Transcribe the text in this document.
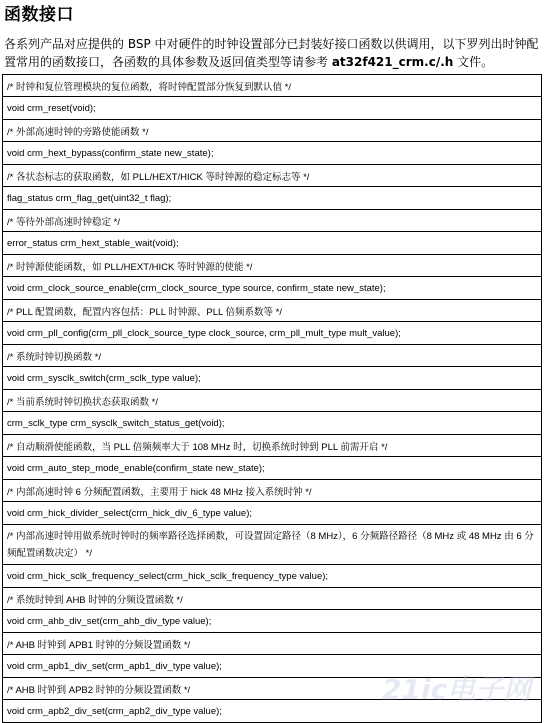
函数接口
各系列产品对应提供的 BSP 中对硬件的时钟设置部分已封装好接口函数以供调用，以下罗列出时钟配置常用的函数接口，各函数的具体参数及返回值类型等请参考 at32f421_crm.c/.h 文件。
/* 时钟和复位管理模块的复位函数，将时钟配置部分恢复到默认值 */
void crm_reset(void);
/* 外部高速时钟的旁路使能函数 */
void crm_hext_bypass(confirm_state new_state);
/* 各状态标志的获取函数，如 PLL/HEXT/HICK 等时钟源的稳定标志等 */
flag_status crm_flag_get(uint32_t flag);
/* 等待外部高速时钟稳定 */
error_status crm_hext_stable_wait(void);
/* 时钟源使能函数，如 PLL/HEXT/HICK 等时钟源的使能 */
void crm_clock_source_enable(crm_clock_source_type source, confirm_state new_state);
/* PLL 配置函数，配置内容包括：PLL 时钟源、PLL 倍频系数等 */
void crm_pll_config(crm_pll_clock_source_type clock_source, crm_pll_mult_type mult_value);
/* 系统时钟切换函数 */
void crm_sysclk_switch(crm_sclk_type value);
/* 当前系统时钟切换状态获取函数 */
crm_sclk_type crm_sysclk_switch_status_get(void);
/* 自动顺滑使能函数，当 PLL 倍频频率大于 108 MHz 时，切换系统时钟到 PLL 前需开启 */
void crm_auto_step_mode_enable(confirm_state new_state);
/* 内部高速时钟 6 分频配置函数，主要用于 hick 48 MHz 接入系统时钟 */
void crm_hick_divider_select(crm_hick_div_6_type value);
/* 内部高速时钟用做系统时钟时的频率路径选择函数，可设置固定路径（8 MHz），6 分频路径路径（8 MHz 或 48 MHz 由 6 分频配置函数决定） */
void crm_hick_sclk_frequency_select(crm_hick_sclk_frequency_type value);
/* 系统时钟到 AHB 时钟的分频设置函数 */
void crm_ahb_div_set(crm_ahb_div_type value);
/* AHB 时钟到 APB1 时钟的分频设置函数 */
void crm_apb1_div_set(crm_apb1_div_type value);
/* AHB 时钟到 APB2 时钟的分频设置函数 */
void crm_apb2_div_set(crm_apb2_div_type value);
21ic电子网
